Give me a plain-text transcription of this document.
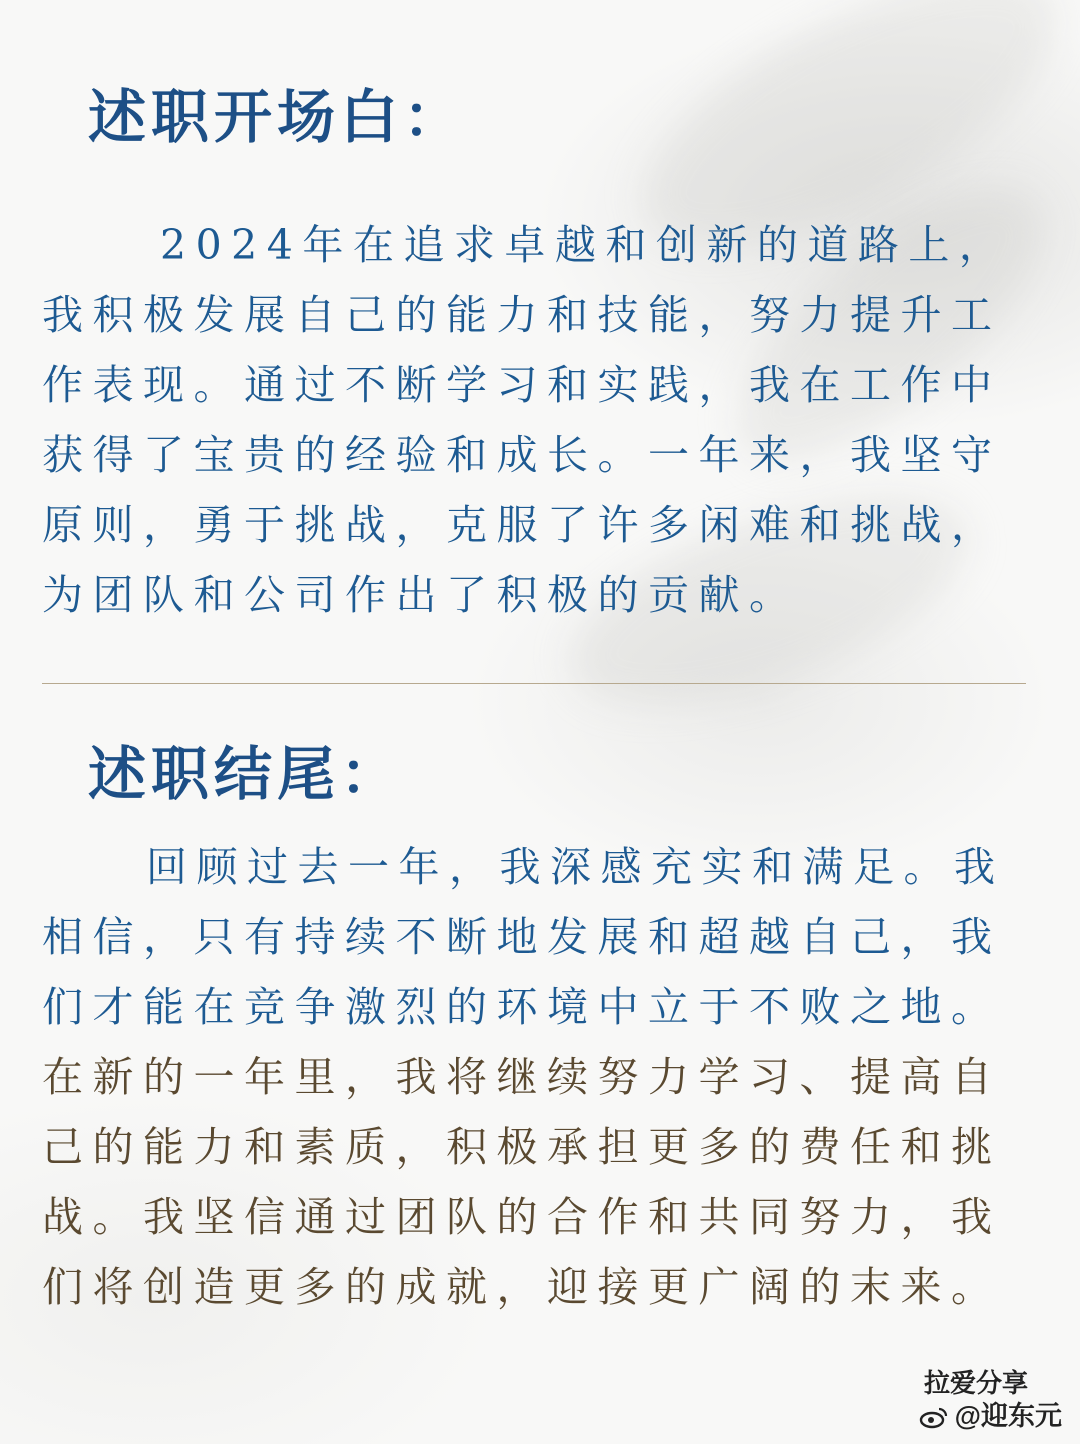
述职开场白：
2024年在追求卓越和创新的道路上，
我积极发展自己的能力和技能，努力提升工
作表现。通过不断学习和实践，我在工作中
获得了宝贵的经验和成长。一年来，我坚守
原则，勇于挑战，克服了许多闲难和挑战，
为团队和公司作出了积极的贡献。
述职结尾：
回顾过去一年，我深感充实和满足。我
相信，只有持续不断地发展和超越自己，我
们才能在竞争激烈的环境中立于不败之地。
在新的一年里，我将继续努力学习、提高自
己的能力和素质，积极承担更多的费任和挑
战。我坚信通过团队的合作和共同努力，我
们将创造更多的成就，迎接更广阔的末来。
拉爱分享
@迎东元
